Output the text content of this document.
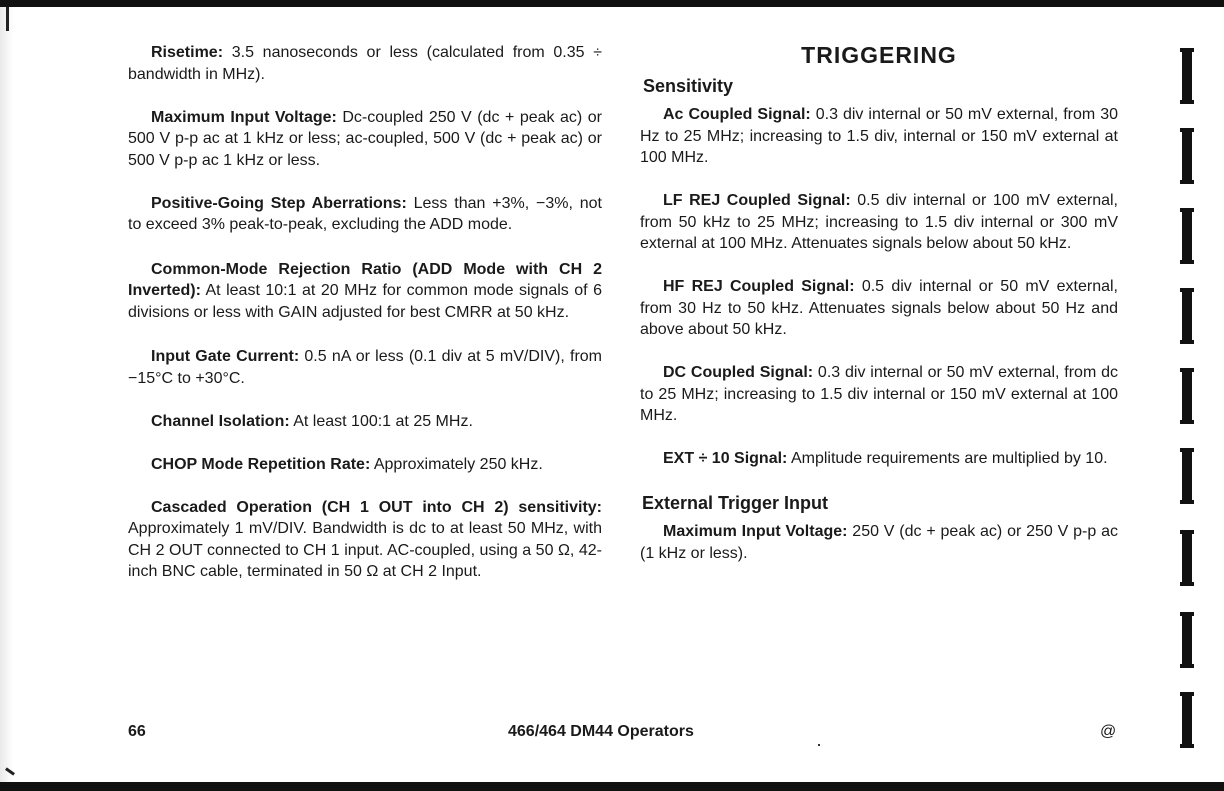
Risetime: 3.5 nanoseconds or less (calculated from 0.35 ÷ bandwidth in MHz).

Maximum Input Voltage: Dc-coupled 250 V (dc + peak ac) or 500 V p-p ac at 1 kHz or less; ac-coupled, 500 V (dc + peak ac) or 500 V p-p ac 1 kHz or less.

Positive-Going Step Aberrations: Less than +3%, −3%, not to exceed 3% peak-to-peak, excluding the ADD mode.

Common-Mode Rejection Ratio (ADD Mode with CH 2 Inverted): At least 10:1 at 20 MHz for common mode signals of 6 divisions or less with GAIN adjusted for best CMRR at 50 kHz.

Input Gate Current: 0.5 nA or less (0.1 div at 5 mV/DIV), from −15°C to +30°C.

Channel Isolation: At least 100:1 at 25 MHz.

CHOP Mode Repetition Rate: Approximately 250 kHz.

Cascaded Operation (CH 1 OUT into CH 2) sensitivity: Approximately 1 mV/DIV. Bandwidth is dc to at least 50 MHz, with CH 2 OUT connected to CH 1 input. AC-coupled, using a 50 Ω, 42-inch BNC cable, terminated in 50 Ω at CH 2 Input.

TRIGGERING
Sensitivity

Ac Coupled Signal: 0.3 div internal or 50 mV external, from 30 Hz to 25 MHz; increasing to 1.5 div, internal or 150 mV external at 100 MHz.

LF REJ Coupled Signal: 0.5 div internal or 100 mV external, from 50 kHz to 25 MHz; increasing to 1.5 div internal or 300 mV external at 100 MHz. Attenuates signals below about 50 kHz.

HF REJ Coupled Signal: 0.5 div internal or 50 mV external, from 30 Hz to 50 kHz. Attenuates signals below about 50 Hz and above about 50 kHz.

DC Coupled Signal: 0.3 div internal or 50 mV external, from dc to 25 MHz; increasing to 1.5 div internal or 150 mV external at 100 MHz.

EXT ÷ 10 Signal: Amplitude requirements are multiplied by 10.

External Trigger Input

Maximum Input Voltage: 250 V (dc + peak ac) or 250 V p-p ac (1 kHz or less).

66	466/464 DM44 Operators	@
